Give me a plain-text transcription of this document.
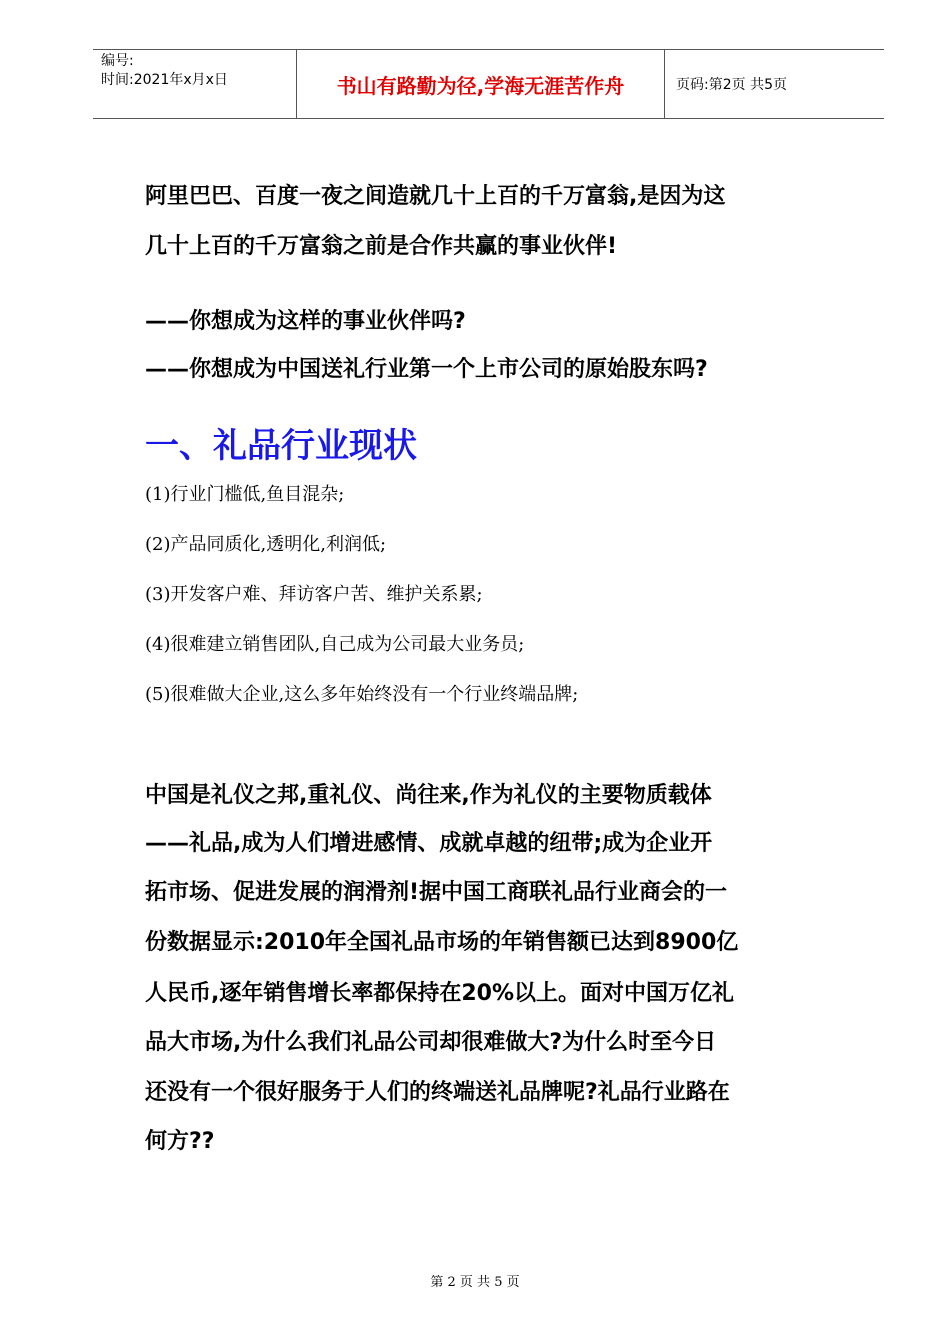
编号:
时间:2021年x月x日	书山有路勤为径,学海无涯苦作舟	页码:第2页 共5页
阿里巴巴、百度一夜之间造就几十上百的千万富翁,是因为这
几十上百的千万富翁之前是合作共赢的事业伙伴!
——你想成为这样的事业伙伴吗?
——你想成为中国送礼行业第一个上市公司的原始股东吗?
一、礼品行业现状
(1)行业门槛低,鱼目混杂;
(2)产品同质化,透明化,利润低;
(3)开发客户难、拜访客户苦、维护关系累;
(4)很难建立销售团队,自己成为公司最大业务员;
(5)很难做大企业,这么多年始终没有一个行业终端品牌;
中国是礼仪之邦,重礼仪、尚往来,作为礼仪的主要物质载体
——礼品,成为人们增进感情、成就卓越的纽带;成为企业开
拓市场、促进发展的润滑剂!据中国工商联礼品行业商会的一
份数据显示:2010年全国礼品市场的年销售额已达到8900亿
人民币,逐年销售增长率都保持在20%以上。面对中国万亿礼
品大市场,为什么我们礼品公司却很难做大?为什么时至今日
还没有一个很好服务于人们的终端送礼品牌呢?礼品行业路在
何方??
第 2 页 共 5 页
